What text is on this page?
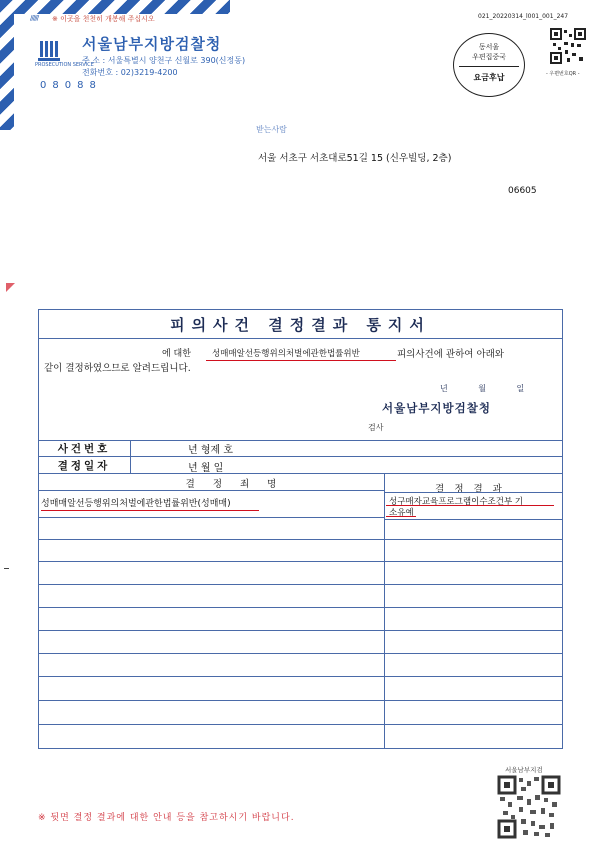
////// ※ 이곳을 천천히 개봉해 주십시오
PROSECUTION SERVICE
서울남부지방검찰청
주 소 : 서울특별시 양천구 신월로 390(신정동)
전화번호 : 02)3219-4200
08088
021_20220314_l001_001_247
동서울
우편집중국
요금후납	- 우편번호QR -
받는사람
서울 서초구 서초대로51길 15 (신우빌딩, 2층)
06605
피의사건 결정결과 통지서
에 대한 성매매알선등행위의처벌에관한법률위반	피의사건에 관하여 아래와
같이 결정하였으므로 알려드립니다.
년 월 일
서울남부지방검찰청
검사
사건번호	년 형제 호
결정일자	년 월 일
결정죄명	결정결과
성매매알선등행위의처벌에관한법률위반(성매매)	성구매자교육프로그램이수조건부 기
소유예
서울남부지검
※ 뒷면 결정 결과에 대한 안내 등을 참고하시기 바랍니다.
